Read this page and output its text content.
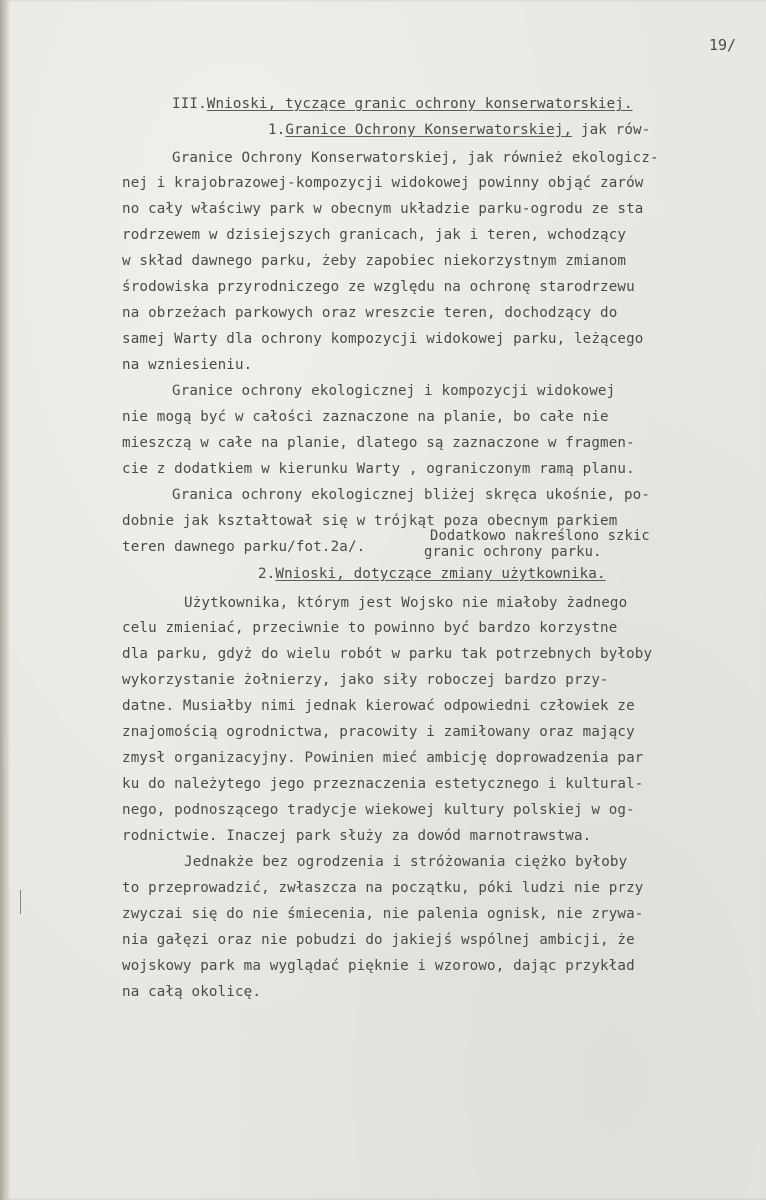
19/
III.Wnioski, tyczące granic ochrony konserwatorskiej.
1.Granice Ochrony Konserwatorskiej, jak rów-
Granice Ochrony Konserwatorskiej, jak również ekologicz-
nej i krajobrazowej-kompozycji widokowej powinny objąć zarów
no cały właściwy park w obecnym układzie parku-ogrodu ze sta
rodrzewem w dzisiejszych granicach, jak i teren, wchodzący
w skład dawnego parku, żeby zapobiec niekorzystnym zmianom
środowiska przyrodniczego ze względu na ochronę starodrzewu
na obrzeżach parkowych oraz wreszcie teren, dochodzący do
samej Warty dla ochrony kompozycji widokowej parku, leżącego
na wzniesieniu.
Granice ochrony ekologicznej i kompozycji widokowej
nie mogą być w całości zaznaczone na planie, bo całe nie
mieszczą w całe na planie, dlatego są zaznaczone w fragmen-
cie z dodatkiem w kierunku Warty , ograniczonym ramą planu.
Granica ochrony ekologicznej bliżej skręca ukośnie, po-
dobnie jak kształtował się w trójkąt poza obecnym parkiem
teren dawnego parku/fot.2a/.
Dodatkowo nakreślono szkic
granic ochrony parku.
2.Wnioski, dotyczące zmiany użytkownika.
Użytkownika, którym jest Wojsko nie miałoby żadnego
celu zmieniać, przeciwnie to powinno być bardzo korzystne
dla parku, gdyż do wielu robót w parku tak potrzebnych byłoby
wykorzystanie żołnierzy, jako siły roboczej bardzo przy-
datne. Musiałby nimi jednak kierować odpowiedni człowiek ze
znajomością ogrodnictwa, pracowity i zamiłowany oraz mający
zmysł organizacyjny. Powinien mieć ambicję doprowadzenia par
ku do należytego jego przeznaczenia estetycznego i kultural-
nego, podnoszącego tradycje wiekowej kultury polskiej w og-
rodnictwie. Inaczej park służy za dowód marnotrawstwa.
Jednakże bez ogrodzenia i stróżowania ciężko byłoby
to przeprowadzić, zwłaszcza na początku, póki ludzi nie przy
zwyczai się do nie śmiecenia, nie palenia ognisk, nie zrywa-
nia gałęzi oraz nie pobudzi do jakiejś wspólnej ambicji, że
wojskowy park ma wyglądać pięknie i wzorowo, dając przykład
na całą okolicę.
